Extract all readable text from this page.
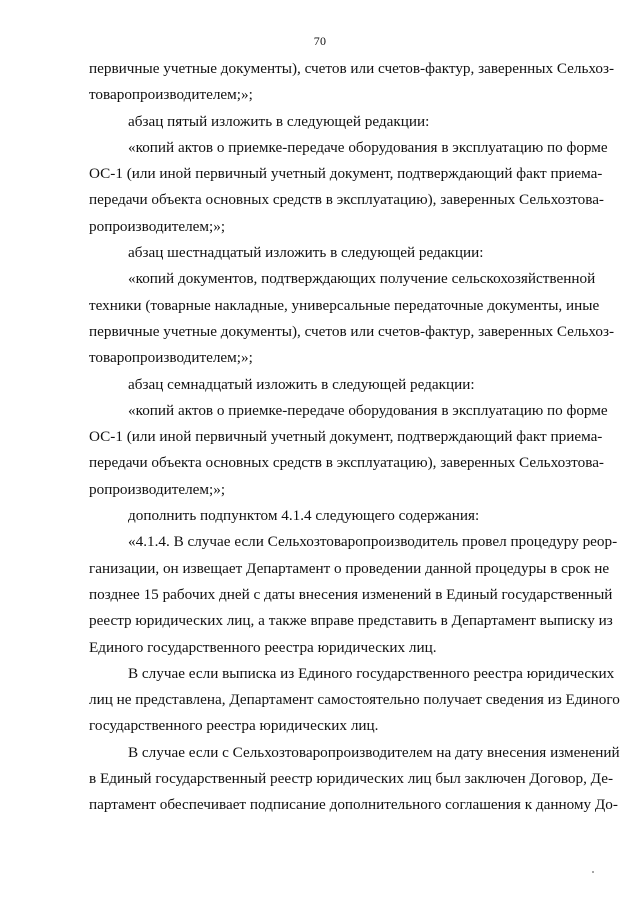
70
первичные учетные документы), счетов или счетов-фактур, заверенных Сельхоз-
товаропроизводителем;»;
абзац пятый изложить в следующей редакции:
«копий актов о приемке-передаче оборудования в эксплуатацию по форме
ОС-1 (или иной первичный учетный документ, подтверждающий факт приема-
передачи объекта основных средств в эксплуатацию), заверенных Сельхозтова-
ропроизводителем;»;
абзац шестнадцатый изложить в следующей редакции:
«копий документов, подтверждающих получение сельскохозяйственной
техники (товарные накладные, универсальные передаточные документы, иные
первичные учетные документы), счетов или счетов-фактур, заверенных Сельхоз-
товаропроизводителем;»;
абзац семнадцатый изложить в следующей редакции:
«копий актов о приемке-передаче оборудования в эксплуатацию по форме
ОС-1 (или иной первичный учетный документ, подтверждающий факт приема-
передачи объекта основных средств в эксплуатацию), заверенных Сельхозтова-
ропроизводителем;»;
дополнить подпунктом 4.1.4 следующего содержания:
«4.1.4. В случае если Сельхозтоваропроизводитель провел процедуру реор-
ганизации, он извещает Департамент о проведении данной процедуры в срок не
позднее 15 рабочих дней с даты внесения изменений в Единый государственный
реестр юридических лиц, а также вправе представить в Департамент выписку из
Единого государственного реестра юридических лиц.
В случае если выписка из Единого государственного реестра юридических
лиц не представлена, Департамент самостоятельно получает сведения из Единого
государственного реестра юридических лиц.
В случае если с Сельхозтоваропроизводителем на дату внесения изменений
в Единый государственный реестр юридических лиц был заключен Договор, Де-
партамент обеспечивает подписание дополнительного соглашения к данному До-
